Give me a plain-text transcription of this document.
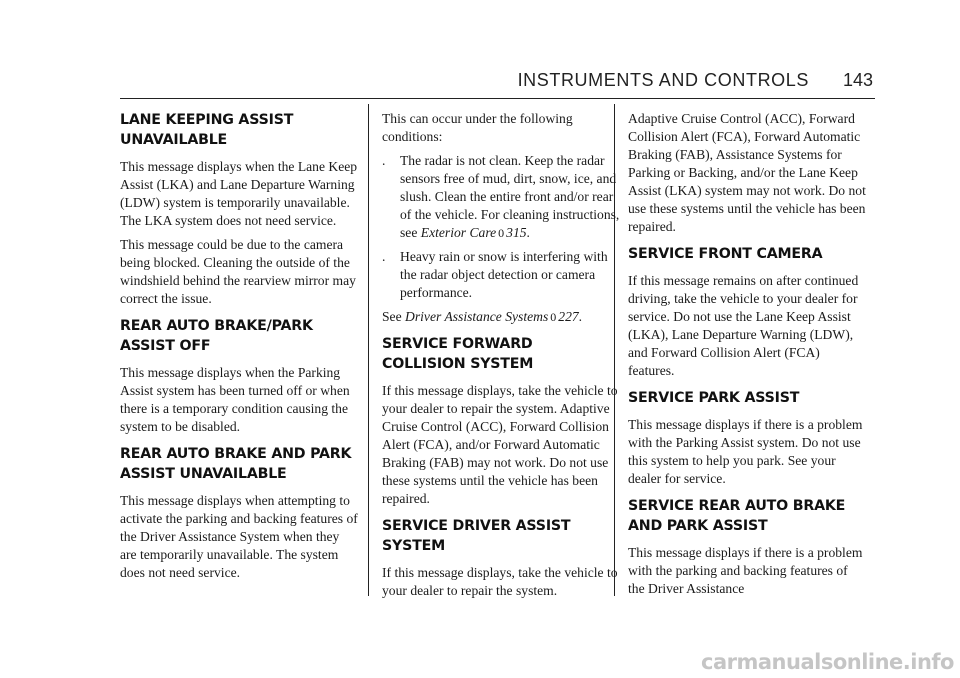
INSTRUMENTS AND CONTROLS 143
LANE KEEPING ASSIST UNAVAILABLE

This message displays when the Lane Keep Assist (LKA) and Lane Departure Warning (LDW) system is temporarily unavailable. The LKA system does not need service.

This message could be due to the camera being blocked. Cleaning the outside of the windshield behind the rearview mirror may correct the issue.

REAR AUTO BRAKE/PARK ASSIST OFF

This message displays when the Parking Assist system has been turned off or when there is a temporary condition causing the system to be disabled.

REAR AUTO BRAKE AND PARK ASSIST UNAVAILABLE

This message displays when attempting to activate the parking and backing features of the Driver Assistance System when they are temporarily unavailable. The system does not need service.

This can occur under the following conditions:

. The radar is not clean. Keep the radar sensors free of mud, dirt, snow, ice, and slush. Clean the entire front and/or rear of the vehicle. For cleaning instructions, see Exterior Care 0 315.
. Heavy rain or snow is interfering with the radar object detection or camera performance.

See Driver Assistance Systems 0 227.

SERVICE FORWARD COLLISION SYSTEM

If this message displays, take the vehicle to your dealer to repair the system. Adaptive Cruise Control (ACC), Forward Collision Alert (FCA), and/or Forward Automatic Braking (FAB) may not work. Do not use these systems until the vehicle has been repaired.

SERVICE DRIVER ASSIST SYSTEM

If this message displays, take the vehicle to your dealer to repair the system.

Adaptive Cruise Control (ACC), Forward Collision Alert (FCA), Forward Automatic Braking (FAB), Assistance Systems for Parking or Backing, and/or the Lane Keep Assist (LKA) system may not work. Do not use these systems until the vehicle has been repaired.

SERVICE FRONT CAMERA

If this message remains on after continued driving, take the vehicle to your dealer for service. Do not use the Lane Keep Assist (LKA), Lane Departure Warning (LDW), and Forward Collision Alert (FCA) features.

SERVICE PARK ASSIST

This message displays if there is a problem with the Parking Assist system. Do not use this system to help you park. See your dealer for service.

SERVICE REAR AUTO BRAKE AND PARK ASSIST

This message displays if there is a problem with the parking and backing features of the Driver Assistance

carmanualsonline.info
